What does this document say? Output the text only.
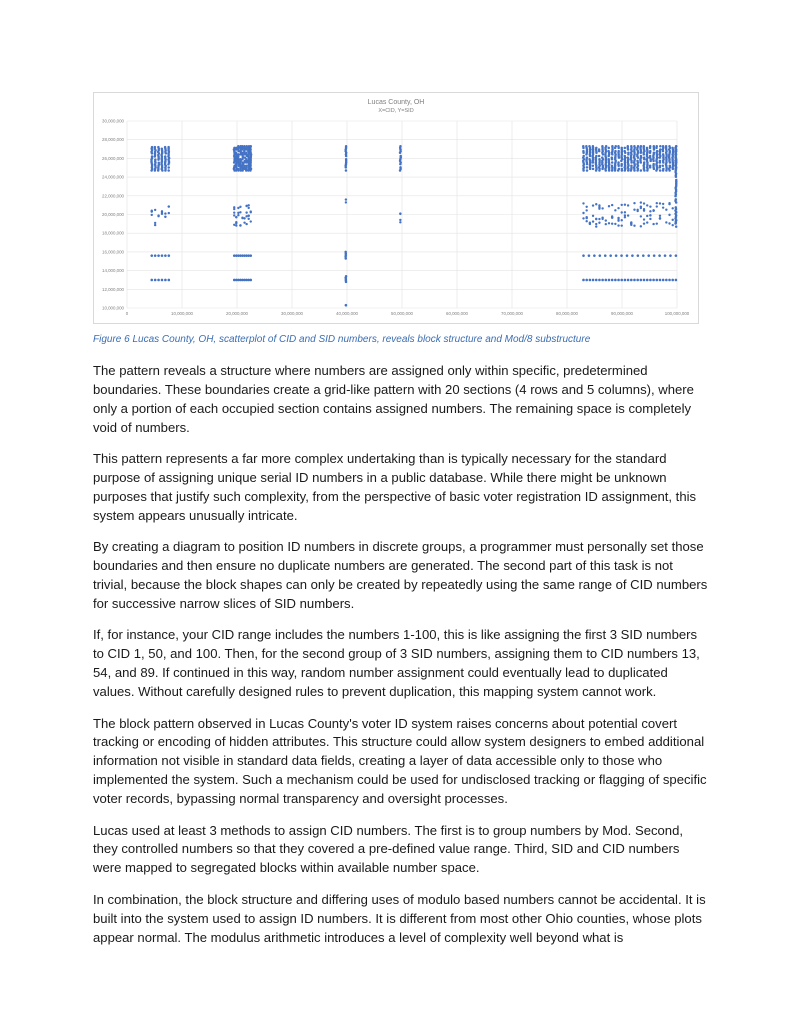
Lucas County, OH
X=CID, Y=SID
0	10,000,000	20,000,000	30,000,000	40,000,000	50,000,000	60,000,000	70,000,000	80,000,000	90,000,000	100,000,000
10,000,000
12,000,000
14,000,000
16,000,000
18,000,000
20,000,000
22,000,000
24,000,000
26,000,000
28,000,000
30,000,000
Figure 6 Lucas County, OH, scatterplot of CID and SID numbers, reveals block structure and Mod/8 substructure

The pattern reveals a structure where numbers are assigned only within specific, predetermined boundaries. These boundaries create a grid-like pattern with 20 sections (4 rows and 5 columns), where only a portion of each occupied section contains assigned numbers. The remaining space is completely void of numbers.

This pattern represents a far more complex undertaking than is typically necessary for the standard purpose of assigning unique serial ID numbers in a public database. While there might be unknown purposes that justify such complexity, from the perspective of basic voter registration ID assignment, this system appears unusually intricate.

By creating a diagram to position ID numbers in discrete groups, a programmer must personally set those boundaries and then ensure no duplicate numbers are generated. The second part of this task is not trivial, because the block shapes can only be created by repeatedly using the same range of CID numbers for successive narrow slices of SID numbers.

If, for instance, your CID range includes the numbers 1-100, this is like assigning the first 3 SID numbers to CID 1, 50, and 100. Then, for the second group of 3 SID numbers, assigning them to CID numbers 13, 54, and 89. If continued in this way, random number assignment could eventually lead to duplicated values. Without carefully designed rules to prevent duplication, this mapping system cannot work.

The block pattern observed in Lucas County's voter ID system raises concerns about potential covert tracking or encoding of hidden attributes. This structure could allow system designers to embed additional information not visible in standard data fields, creating a layer of data accessible only to those who implemented the system. Such a mechanism could be used for undisclosed tracking or flagging of specific voter records, bypassing normal transparency and oversight processes.

Lucas used at least 3 methods to assign CID numbers. The first is to group numbers by Mod. Second, they controlled numbers so that they covered a pre-defined value range. Third, SID and CID numbers were mapped to segregated blocks within available number space.

In combination, the block structure and differing uses of modulo based numbers cannot be accidental. It is built into the system used to assign ID numbers. It is different from most other Ohio counties, whose plots appear normal. The modulus arithmetic introduces a level of complexity well beyond what is
